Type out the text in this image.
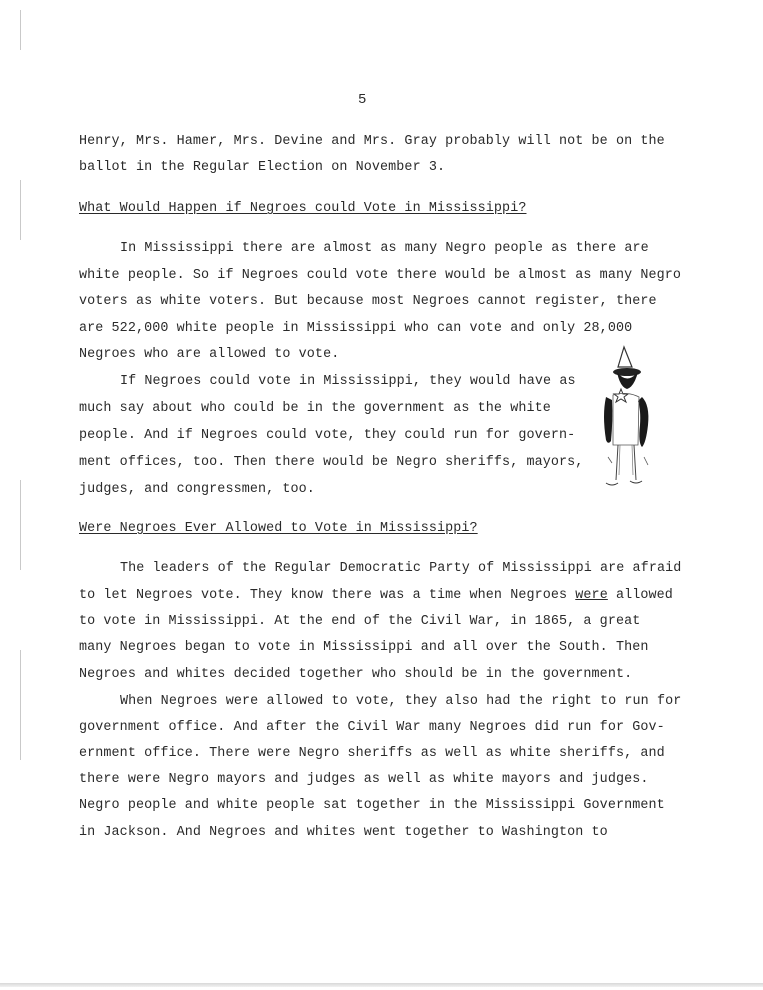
5
Henry, Mrs. Hamer, Mrs. Devine and Mrs. Gray probably will not be on the
ballot in the Regular Election on November 3.
What Would Happen if Negroes could Vote in Mississippi?
In Mississippi there are almost as many Negro people as there are
white people. So if Negroes could vote there would be almost as many Negro
voters as white voters. But because most Negroes cannot register, there
are 522,000 white people in Mississippi who can vote and only 28,000
Negroes who are allowed to vote.
If Negroes could vote in Mississippi, they would have as
much say about who could be in the government as the white
people. And if Negroes could vote, they could run for govern-
ment offices, too. Then there would be Negro sheriffs, mayors,
judges, and congressmen, too.
Were Negroes Ever Allowed to Vote in Mississippi?
The leaders of the Regular Democratic Party of Mississippi are afraid
to let Negroes vote. They know there was a time when Negroes were allowed
to vote in Mississippi. At the end of the Civil War, in 1865, a great
many Negroes began to vote in Mississippi and all over the South. Then
Negroes and whites decided together who should be in the government.
When Negroes were allowed to vote, they also had the right to run for
government office. And after the Civil War many Negroes did run for Gov-
ernment office. There were Negro sheriffs as well as white sheriffs, and
there were Negro mayors and judges as well as white mayors and judges.
Negro people and white people sat together in the Mississippi Government
in Jackson. And Negroes and whites went together to Washington to
